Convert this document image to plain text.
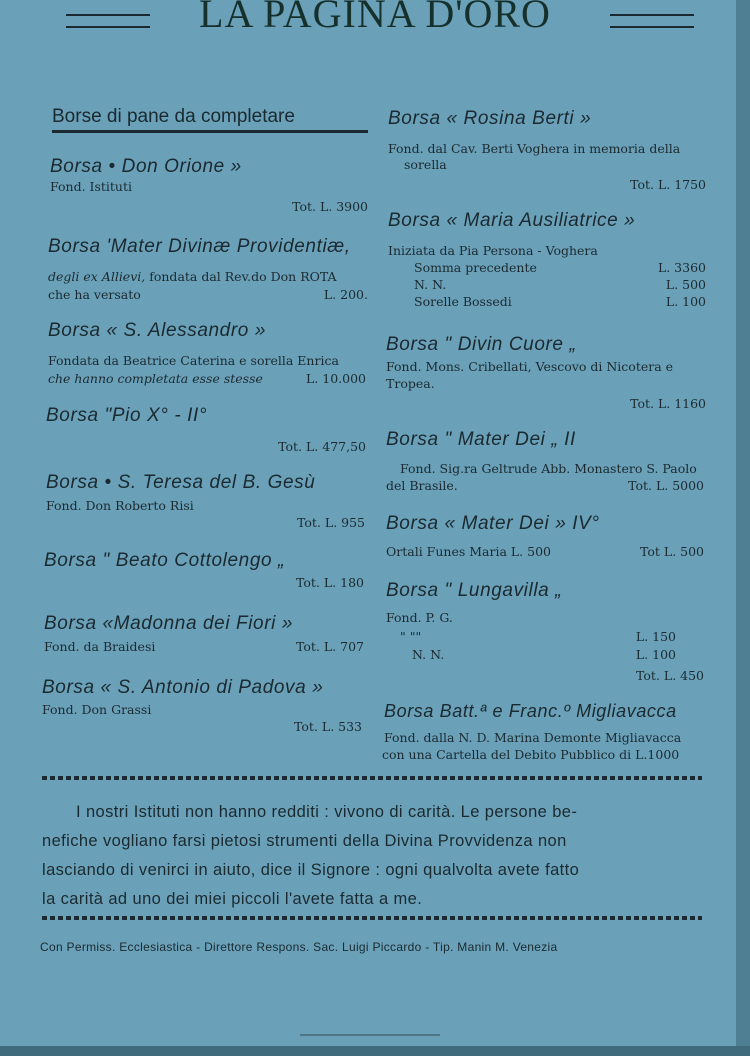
LA PAGINA D'ORO
Borse di pane da completare
Borsa • Don Orione »
Fond. Istituti
Tot. L. 3900
Borsa 'Mater Divinæ Providentiæ,
degli ex Allievi, fondata dal Rev.do Don ROTA
che ha versato	L. 200.
Borsa « S. Alessandro »
Fondata da Beatrice Caterina e sorella Enrica
che hanno completata esse stesse	L. 10.000
Borsa "Pio X° - II°
Tot. L. 477,50
Borsa • S. Teresa del B. Gesù
Fond. Don Roberto Risi
Tot. L. 955
Borsa " Beato Cottolengo „
Tot. L. 180
Borsa «Madonna dei Fiori »
Fond. da Braidesi	Tot. L. 707
Borsa « S. Antonio di Padova »
Fond. Don Grassi
Tot. L. 533
Borsa « Rosina Berti »
Fond. dal Cav. Berti Voghera in memoria della
sorella
Tot. L. 1750
Borsa « Maria Ausiliatrice »
Iniziata da Pia Persona - Voghera
Somma precedente	L. 3360
N. N.	L. 500
Sorelle Bossedi	L. 100
Borsa " Divin Cuore „
Fond. Mons. Cribellati, Vescovo di Nicotera e
Tropea.
Tot. L. 1160
Borsa " Mater Dei „ II
Fond. Sig.ra Geltrude Abb. Monastero S. Paolo
del Brasile.	Tot. L. 5000
Borsa « Mater Dei » IV°
Ortali Funes Maria L. 500	Tot L. 500
Borsa " Lungavilla „
Fond. P. G.
" ""	L. 150
N. N.	L. 100
Tot. L. 450
Borsa Batt.ª e Franc.º Migliavacca
Fond. dalla N. D. Marina Demonte Migliavacca
con una Cartella del Debito Pubblico di L.1000
I nostri Istituti non hanno redditi : vivono di carità. Le persone be-
nefiche vogliano farsi pietosi strumenti della Divina Provvidenza non
lasciando di venirci in aiuto, dice il Signore : ogni qualvolta avete fatto
la carità ad uno dei miei piccoli l'avete fatta a me.
Con Permiss. Ecclesiastica - Direttore Respons. Sac. Luigi Piccardo - Tip. Manin M. Venezia
